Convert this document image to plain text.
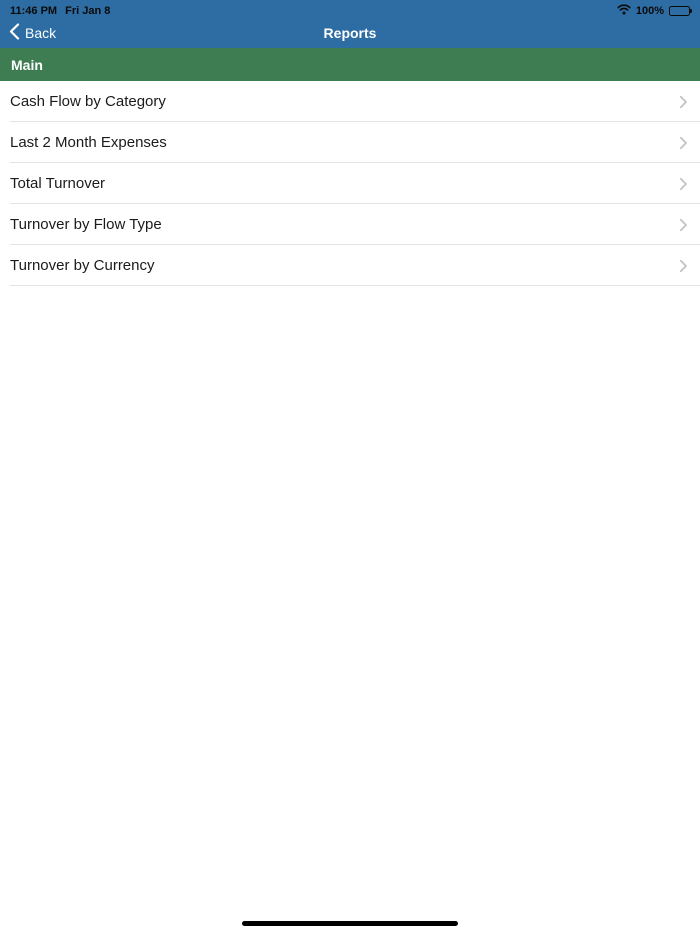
11:46 PM Fri Jan 8	100%
Back	Reports
Main
Cash Flow by Category
Last 2 Month Expenses
Total Turnover
Turnover by Flow Type
Turnover by Currency
